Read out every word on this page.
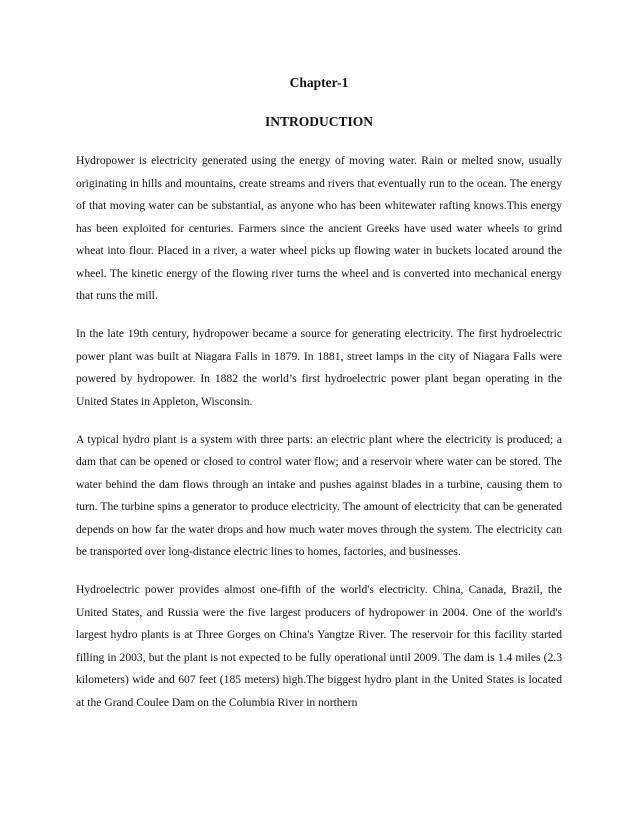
Chapter-1
INTRODUCTION

Hydropower is electricity generated using the energy of moving water. Rain or melted snow, usually originating in hills and mountains, create streams and rivers that eventually run to the ocean. The energy of that moving water can be substantial, as anyone who has been whitewater rafting knows.This energy has been exploited for centuries. Farmers since the ancient Greeks have used water wheels to grind wheat into flour. Placed in a river, a water wheel picks up flowing water in buckets located around the wheel. The kinetic energy of the flowing river turns the wheel and is converted into mechanical energy that runs the mill.

In the late 19th century, hydropower became a source for generating electricity. The first hydroelectric power plant was built at Niagara Falls in 1879. In 1881, street lamps in the city of Niagara Falls were powered by hydropower. In 1882 the world’s first hydroelectric power plant began operating in the United States in Appleton, Wisconsin.

A typical hydro plant is a system with three parts: an electric plant where the electricity is produced; a dam that can be opened or closed to control water flow; and a reservoir where water can be stored. The water behind the dam flows through an intake and pushes against blades in a turbine, causing them to turn. The turbine spins a generator to produce electricity. The amount of electricity that can be generated depends on how far the water drops and how much water moves through the system. The electricity can be transported over long-distance electric lines to homes, factories, and businesses.

Hydroelectric power provides almost one-fifth of the world's electricity. China, Canada, Brazil, the United States, and Russia were the five largest producers of hydropower in 2004. One of the world's largest hydro plants is at Three Gorges on China's Yangtze River. The reservoir for this facility started filling in 2003, but the plant is not expected to be fully operational until 2009. The dam is 1.4 miles (2.3 kilometers) wide and 607 feet (185 meters) high.The biggest hydro plant in the United States is located at the Grand Coulee Dam on the Columbia River in northern
